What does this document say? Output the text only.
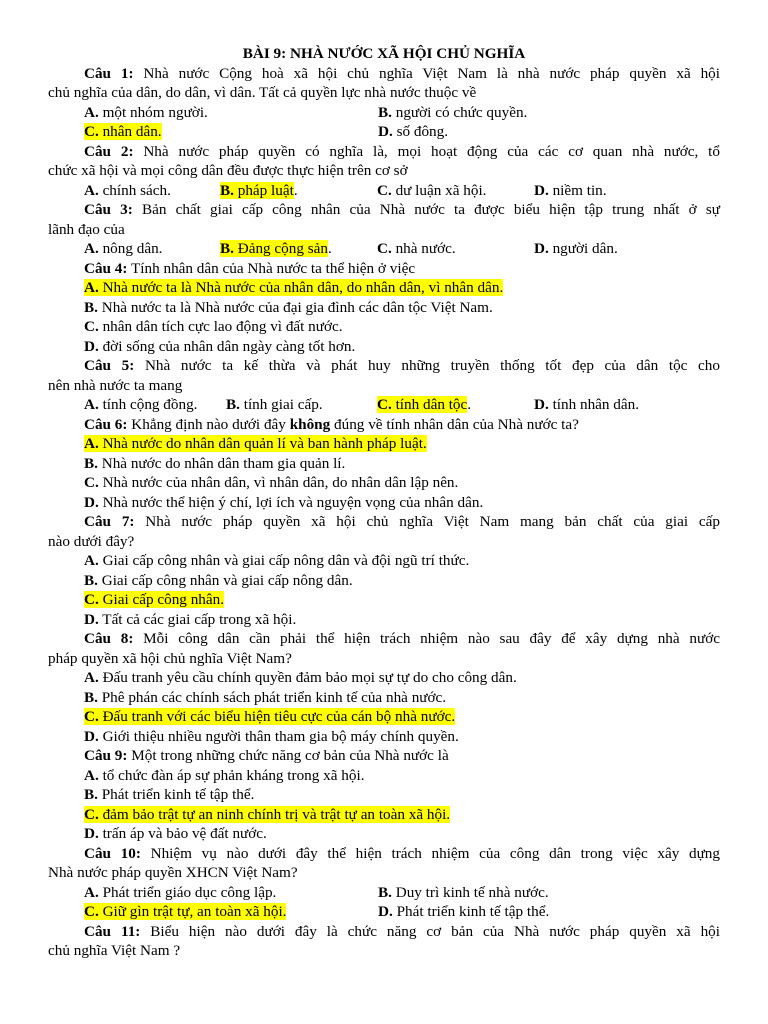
BÀI 9: NHÀ NƯỚC XÃ HỘI CHỦ NGHĨA
Câu 1: Nhà nước Cộng hoà xã hội chủ nghĩa Việt Nam là nhà nước pháp quyền xã hội
chủ nghĩa của dân, do dân, vì dân. Tất cả quyền lực nhà nước thuộc về
A. một nhóm người.	B. người có chức quyền.
C. nhân dân.	D. số đông.
Câu 2: Nhà nước pháp quyền có nghĩa là, mọi hoạt động của các cơ quan nhà nước, tổ
chức xã hội và mọi công dân đều được thực hiện trên cơ sở
A. chính sách.	B. pháp luật.	C. dư luận xã hội.	D. niềm tin.
Câu 3: Bản chất giai cấp công nhân của Nhà nước ta được biểu hiện tập trung nhất ở sự
lãnh đạo của
A. nông dân.	B. Đảng cộng sản.	C. nhà nước.	D. người dân.
Câu 4: Tính nhân dân của Nhà nước ta thể hiện ở việc
A. Nhà nước ta là Nhà nước của nhân dân, do nhân dân, vì nhân dân.
B. Nhà nước ta là Nhà nước của đại gia đình các dân tộc Việt Nam.
C. nhân dân tích cực lao động vì đất nước.
D. đời sống của nhân dân ngày càng tốt hơn.
Câu 5: Nhà nước ta kế thừa và phát huy những truyền thống tốt đẹp của dân tộc cho
nên nhà nước ta mang
A. tính cộng đồng.	B. tính giai cấp.	C. tính dân tộc.	D. tính nhân dân.
Câu 6: Khẳng định nào dưới đây không đúng về tính nhân dân của Nhà nước ta?
A. Nhà nước do nhân dân quản lí và ban hành pháp luật.
B. Nhà nước do nhân dân tham gia quản lí.
C. Nhà nước của nhân dân, vì nhân dân, do nhân dân lập nên.
D. Nhà nước thể hiện ý chí, lợi ích và nguyện vọng của nhân dân.
Câu 7: Nhà nước pháp quyền xã hội chủ nghĩa Việt Nam mang bản chất của giai cấp
nào dưới đây?
A. Giai cấp công nhân và giai cấp nông dân và đội ngũ trí thức.
B. Giai cấp công nhân và giai cấp nông dân.
C. Giai cấp công nhân.
D. Tất cả các giai cấp trong xã hội.
Câu 8: Mỗi công dân cần phải thể hiện trách nhiệm nào sau đây để xây dựng nhà nước
pháp quyền xã hội chủ nghĩa Việt Nam?
A. Đấu tranh yêu cầu chính quyền đảm bảo mọi sự tự do cho công dân.
B. Phê phán các chính sách phát triển kinh tế của nhà nước.
C. Đấu tranh với các biểu hiện tiêu cực của cán bộ nhà nước.
D. Giới thiệu nhiều người thân tham gia bộ máy chính quyền.
Câu 9: Một trong những chức năng cơ bản của Nhà nước là
A. tổ chức đàn áp sự phản kháng trong xã hội.
B. Phát triển kinh tế tập thể.
C. đảm bảo trật tự an ninh chính trị và trật tự an toàn xã hội.
D. trấn áp và bảo vệ đất nước.
Câu 10: Nhiệm vụ nào dưới đây thể hiện trách nhiệm của công dân trong việc xây dựng
Nhà nước pháp quyền XHCN Việt Nam?
A. Phát triển giáo dục công lập.	B. Duy trì kinh tế nhà nước.
C. Giữ gìn trật tự, an toàn xã hội.	D. Phát triển kinh tế tập thể.
Câu 11: Biểu hiện nào dưới đây là chức năng cơ bản của Nhà nước pháp quyền xã hội
chủ nghĩa Việt Nam ?
